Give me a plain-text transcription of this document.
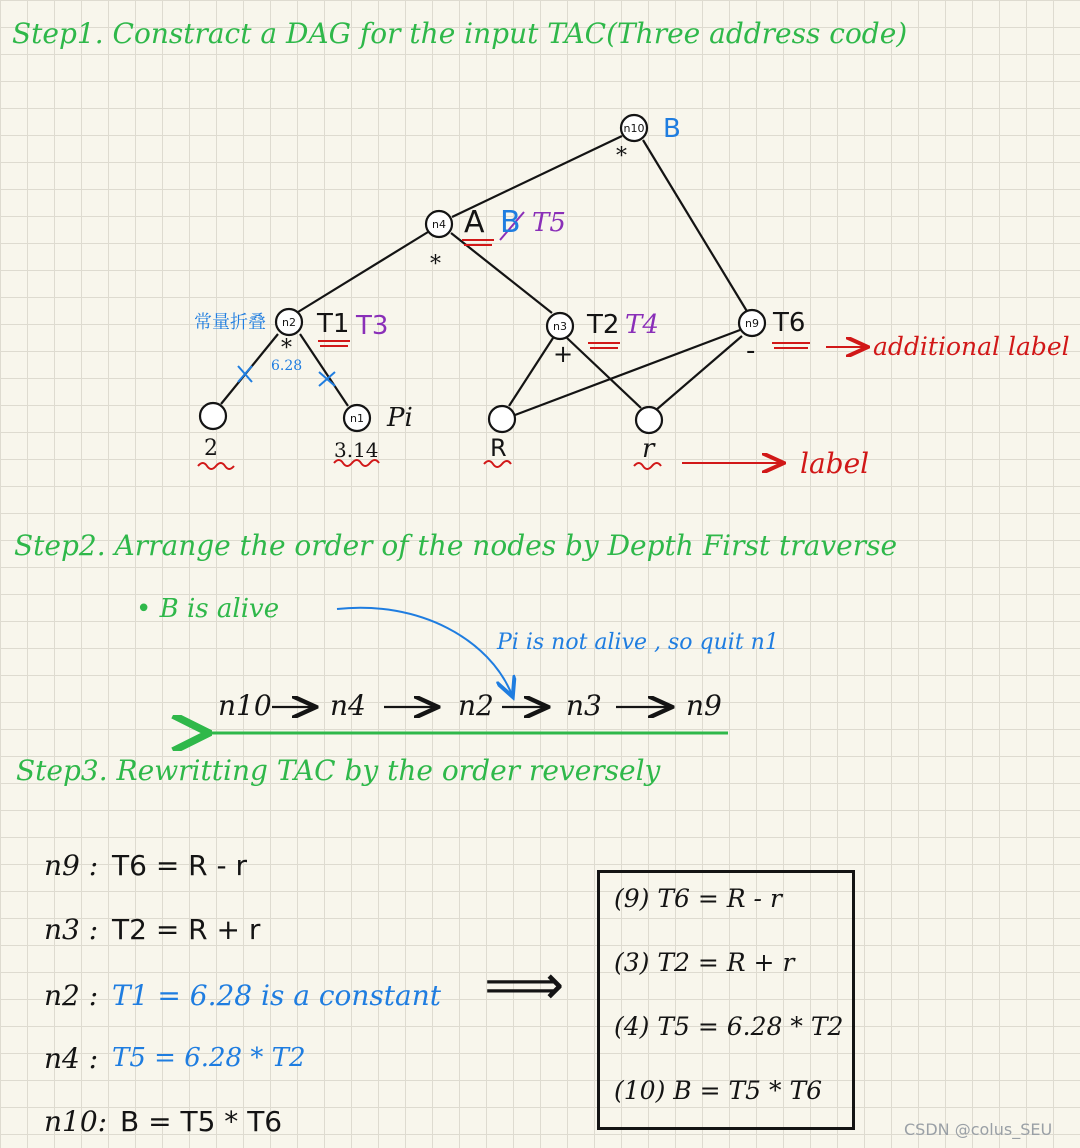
Step1. Constract a DAG for the input TAC(Three address code)
Step2. Arrange the order of the nodes by Depth First traverse
Step3. Rewritting TAC by the order reversely
n10
n4
n2	n3	n9
n1
B
*
A B T5
*
常量折叠 T1 T3
*
6.28
T2 T4
+
T6
-
Pi
2	3.14	R	r
additional label
label
• B is alive
Pi is not alive , so quit n1
n10 n4	n2	n3	n9
n9 : T6 = R - r
n3 : T2 = R + r
n2 : T1 = 6.28 is a constant
n4 : T5 = 6.28 * T2
n10: B = T5 * T6
⟹
(9) T6 = R - r
(3) T2 = R + r
(4) T5 = 6.28 * T2
(10) B = T5 * T6
CSDN @colus_SEU
